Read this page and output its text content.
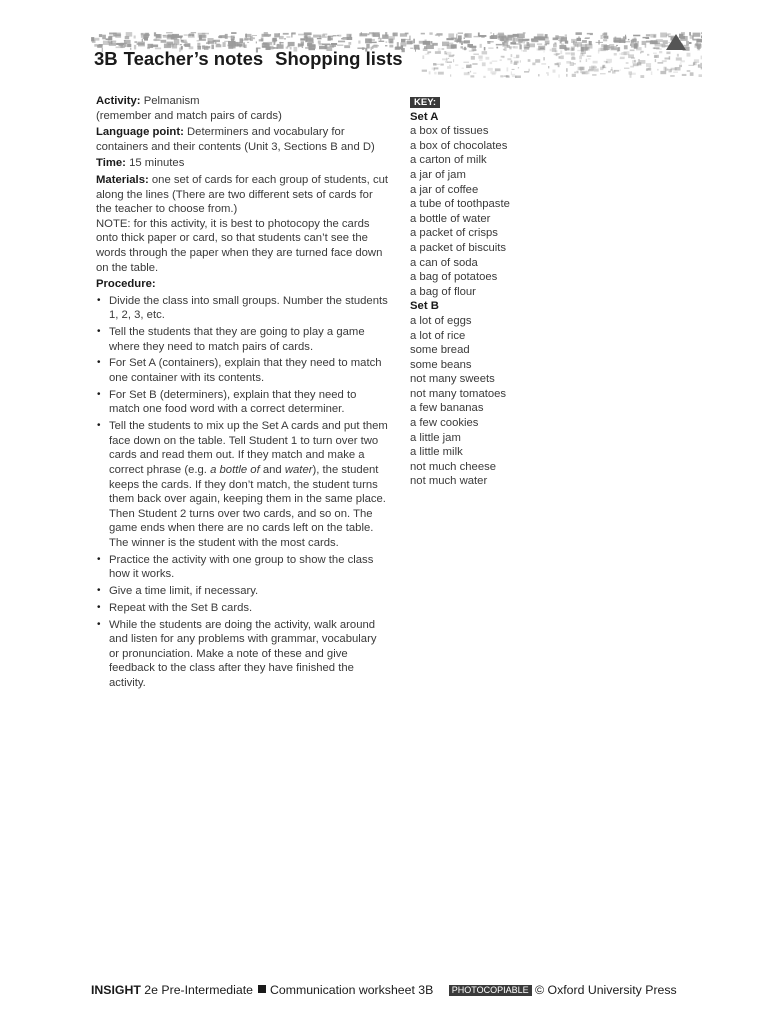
3B Teacher’s notes Shopping lists

Activity: Pelmanism
(remember and match pairs of cards)

Language point: Determiners and vocabulary for containers and their contents (Unit 3, Sections B and D)

Time: 15 minutes

Materials: one set of cards for each group of students, cut along the lines (There are two different sets of cards for the teacher to choose from.)
NOTE: for this activity, it is best to photocopy the cards onto thick paper or card, so that students can’t see the words through the paper when they are turned face down on the table.

Procedure:

• Divide the class into small groups. Number the students 1, 2, 3, etc.
• Tell the students that they are going to play a game where they need to match pairs of cards.
• For Set A (containers), explain that they need to match one container with its contents.
• For Set B (determiners), explain that they need to match one food word with a correct determiner.
• Tell the students to mix up the Set A cards and put them face down on the table. Tell Student 1 to turn over two cards and read them out. If they match and make a correct phrase (e.g. a bottle of and water), the student keeps the cards. If they don’t match, the student turns them back over again, keeping them in the same place. Then Student 2 turns over two cards, and so on. The game ends when there are no cards left on the table. The winner is the student with the most cards.
• Practice the activity with one group to show the class how it works.
• Give a time limit, if necessary.
• Repeat with the Set B cards.
• While the students are doing the activity, walk around and listen for any problems with grammar, vocabulary or pronunciation. Make a note of these and give feedback to the class after they have finished the activity.
KEY:
Set A
a box of tissues
a box of chocolates
a carton of milk
a jar of jam
a jar of coffee
a tube of toothpaste
a bottle of water
a packet of crisps
a packet of biscuits
a can of soda
a bag of potatoes
a bag of flour
Set B
a lot of eggs
a lot of rice
some bread
some beans
not many sweets
not many tomatoes
a few bananas
a few cookies
a little jam
a little milk
not much cheese
not much water
INSIGHT 2e Pre-Intermediate Communication worksheet 3B PHOTOCOPIABLE © Oxford University Press
